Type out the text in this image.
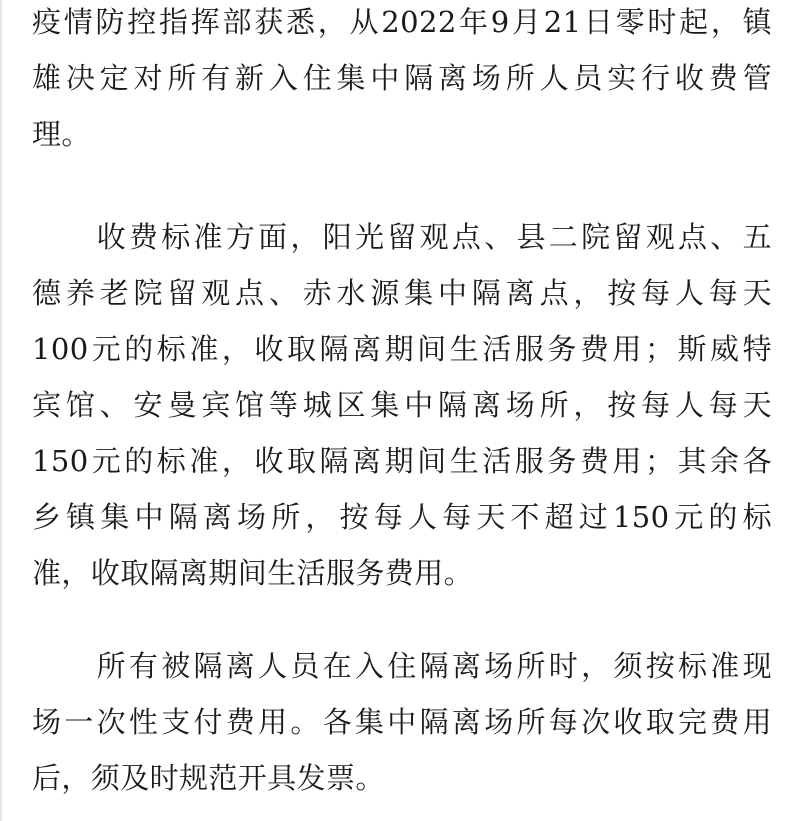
疫情防控指挥部获悉，从2022年9月21日零时起，镇
雄决定对所有新入住集中隔离场所人员实行收费管
理。
　　收费标准方面，阳光留观点、县二院留观点、五
德养老院留观点、赤水源集中隔离点，按每人每天
100元的标准，收取隔离期间生活服务费用；斯威特
宾馆、安曼宾馆等城区集中隔离场所，按每人每天
150元的标准，收取隔离期间生活服务费用；其余各
乡镇集中隔离场所，按每人每天不超过150元的标
准，收取隔离期间生活服务费用。
　　所有被隔离人员在入住隔离场所时，须按标准现
场一次性支付费用。各集中隔离场所每次收取完费用
后，须及时规范开具发票。
